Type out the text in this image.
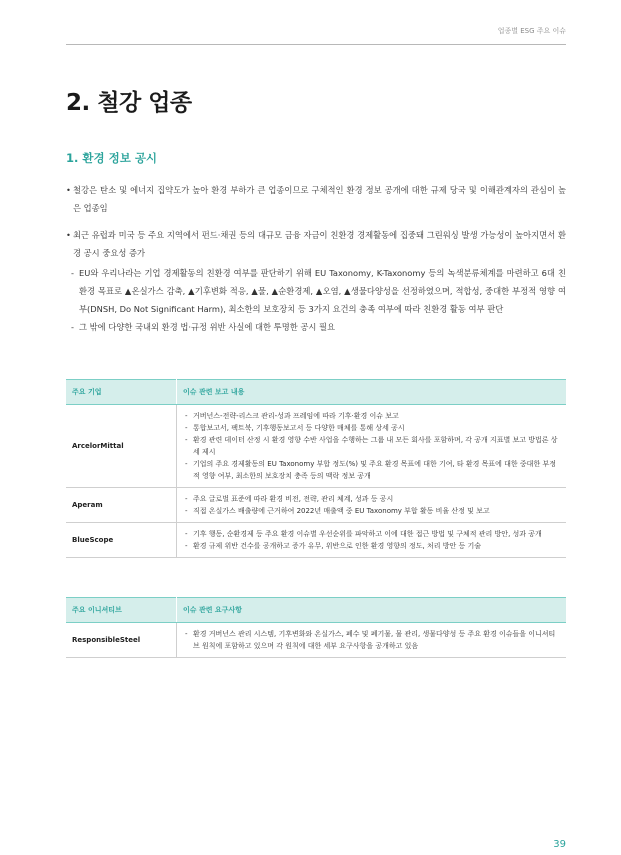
업종별 ESG 주요 이슈
2. 철강 업종
1. 환경 정보 공시
• 철강은 탄소 및 에너지 집약도가 높아 환경 부하가 큰 업종이므로 구체적인 환경 정보 공개에 대한 규제 당국 및 이해관계자의 관심이 높은 업종임
• 최근 유럽과 미국 등 주요 지역에서 펀드·채권 등의 대규모 금융 자금이 친환경 경제활동에 집중돼 그린워싱 발생 가능성이 높아지면서 환경 공시 중요성 증가
- EU와 우리나라는 기업 경제활동의 친환경 여부를 판단하기 위해 EU Taxonomy, K-Taxonomy 등의 녹색분류체계를 마련하고 6대 친환경 목표로 ▲온실가스 감축, ▲기후변화 적응, ▲물, ▲순환경제, ▲오염, ▲생물다양성을 선정하였으며, 적합성, 중대한 부정적 영향 여부(DNSH, Do Not Significant Harm), 최소한의 보호장치 등 3가지 요건의 충족 여부에 따라 친환경 활동 여부 판단
- 그 밖에 다양한 국내외 환경 법·규정 위반 사실에 대한 투명한 공시 필요
주요 기업	이슈 관련 보고 내용
ArcelorMittal	- 거버넌스-전략-리스크 관리-성과 프레임에 따라 기후·환경 이슈 보고
- 통합보고서, 팩트북, 기후행동보고서 등 다양한 매체를 통해 상세 공시
- 환경 관련 데이터 산정 시 환경 영향 수반 사업을 수행하는 그룹 내 모든 회사를 포함하며, 각 공개 지표별 보고 방법론 상세 제시
- 기업의 주요 경제활동의 EU Taxonomy 부합 정도(%) 및 주요 환경 목표에 대한 기여, 타 환경 목표에 대한 중대한 부정적 영향 여부, 최소한의 보호장치 충족 등의 맥락 정보 공개

Aperam	- 주요 글로벌 표준에 따라 환경 비전, 전략, 관리 체계, 성과 등 공시
- 직접 온실가스 배출량에 근거하여 2022년 매출액 중 EU Taxonomy 부합 활동 비율 산정 및 보고

BlueScope	- 기후 행동, 순환경제 등 주요 환경 이슈별 우선순위를 파악하고 이에 대한 접근 방법 및 구체적 관리 방안, 성과 공개
- 환경 규제 위반 건수를 공개하고 증가 유무, 위반으로 인한 환경 영향의 정도, 처리 방안 등 기술
주요 이니셔티브	이슈 관련 요구사항
ResponsibleSteel	- 환경 거버넌스 관리 시스템, 기후변화와 온실가스, 폐수 및 폐기물, 물 관리, 생물다양성 등 주요 환경 이슈들을 이니셔티브 원칙에 포함하고 있으며 각 원칙에 대한 세부 요구사항을 공개하고 있음
39
